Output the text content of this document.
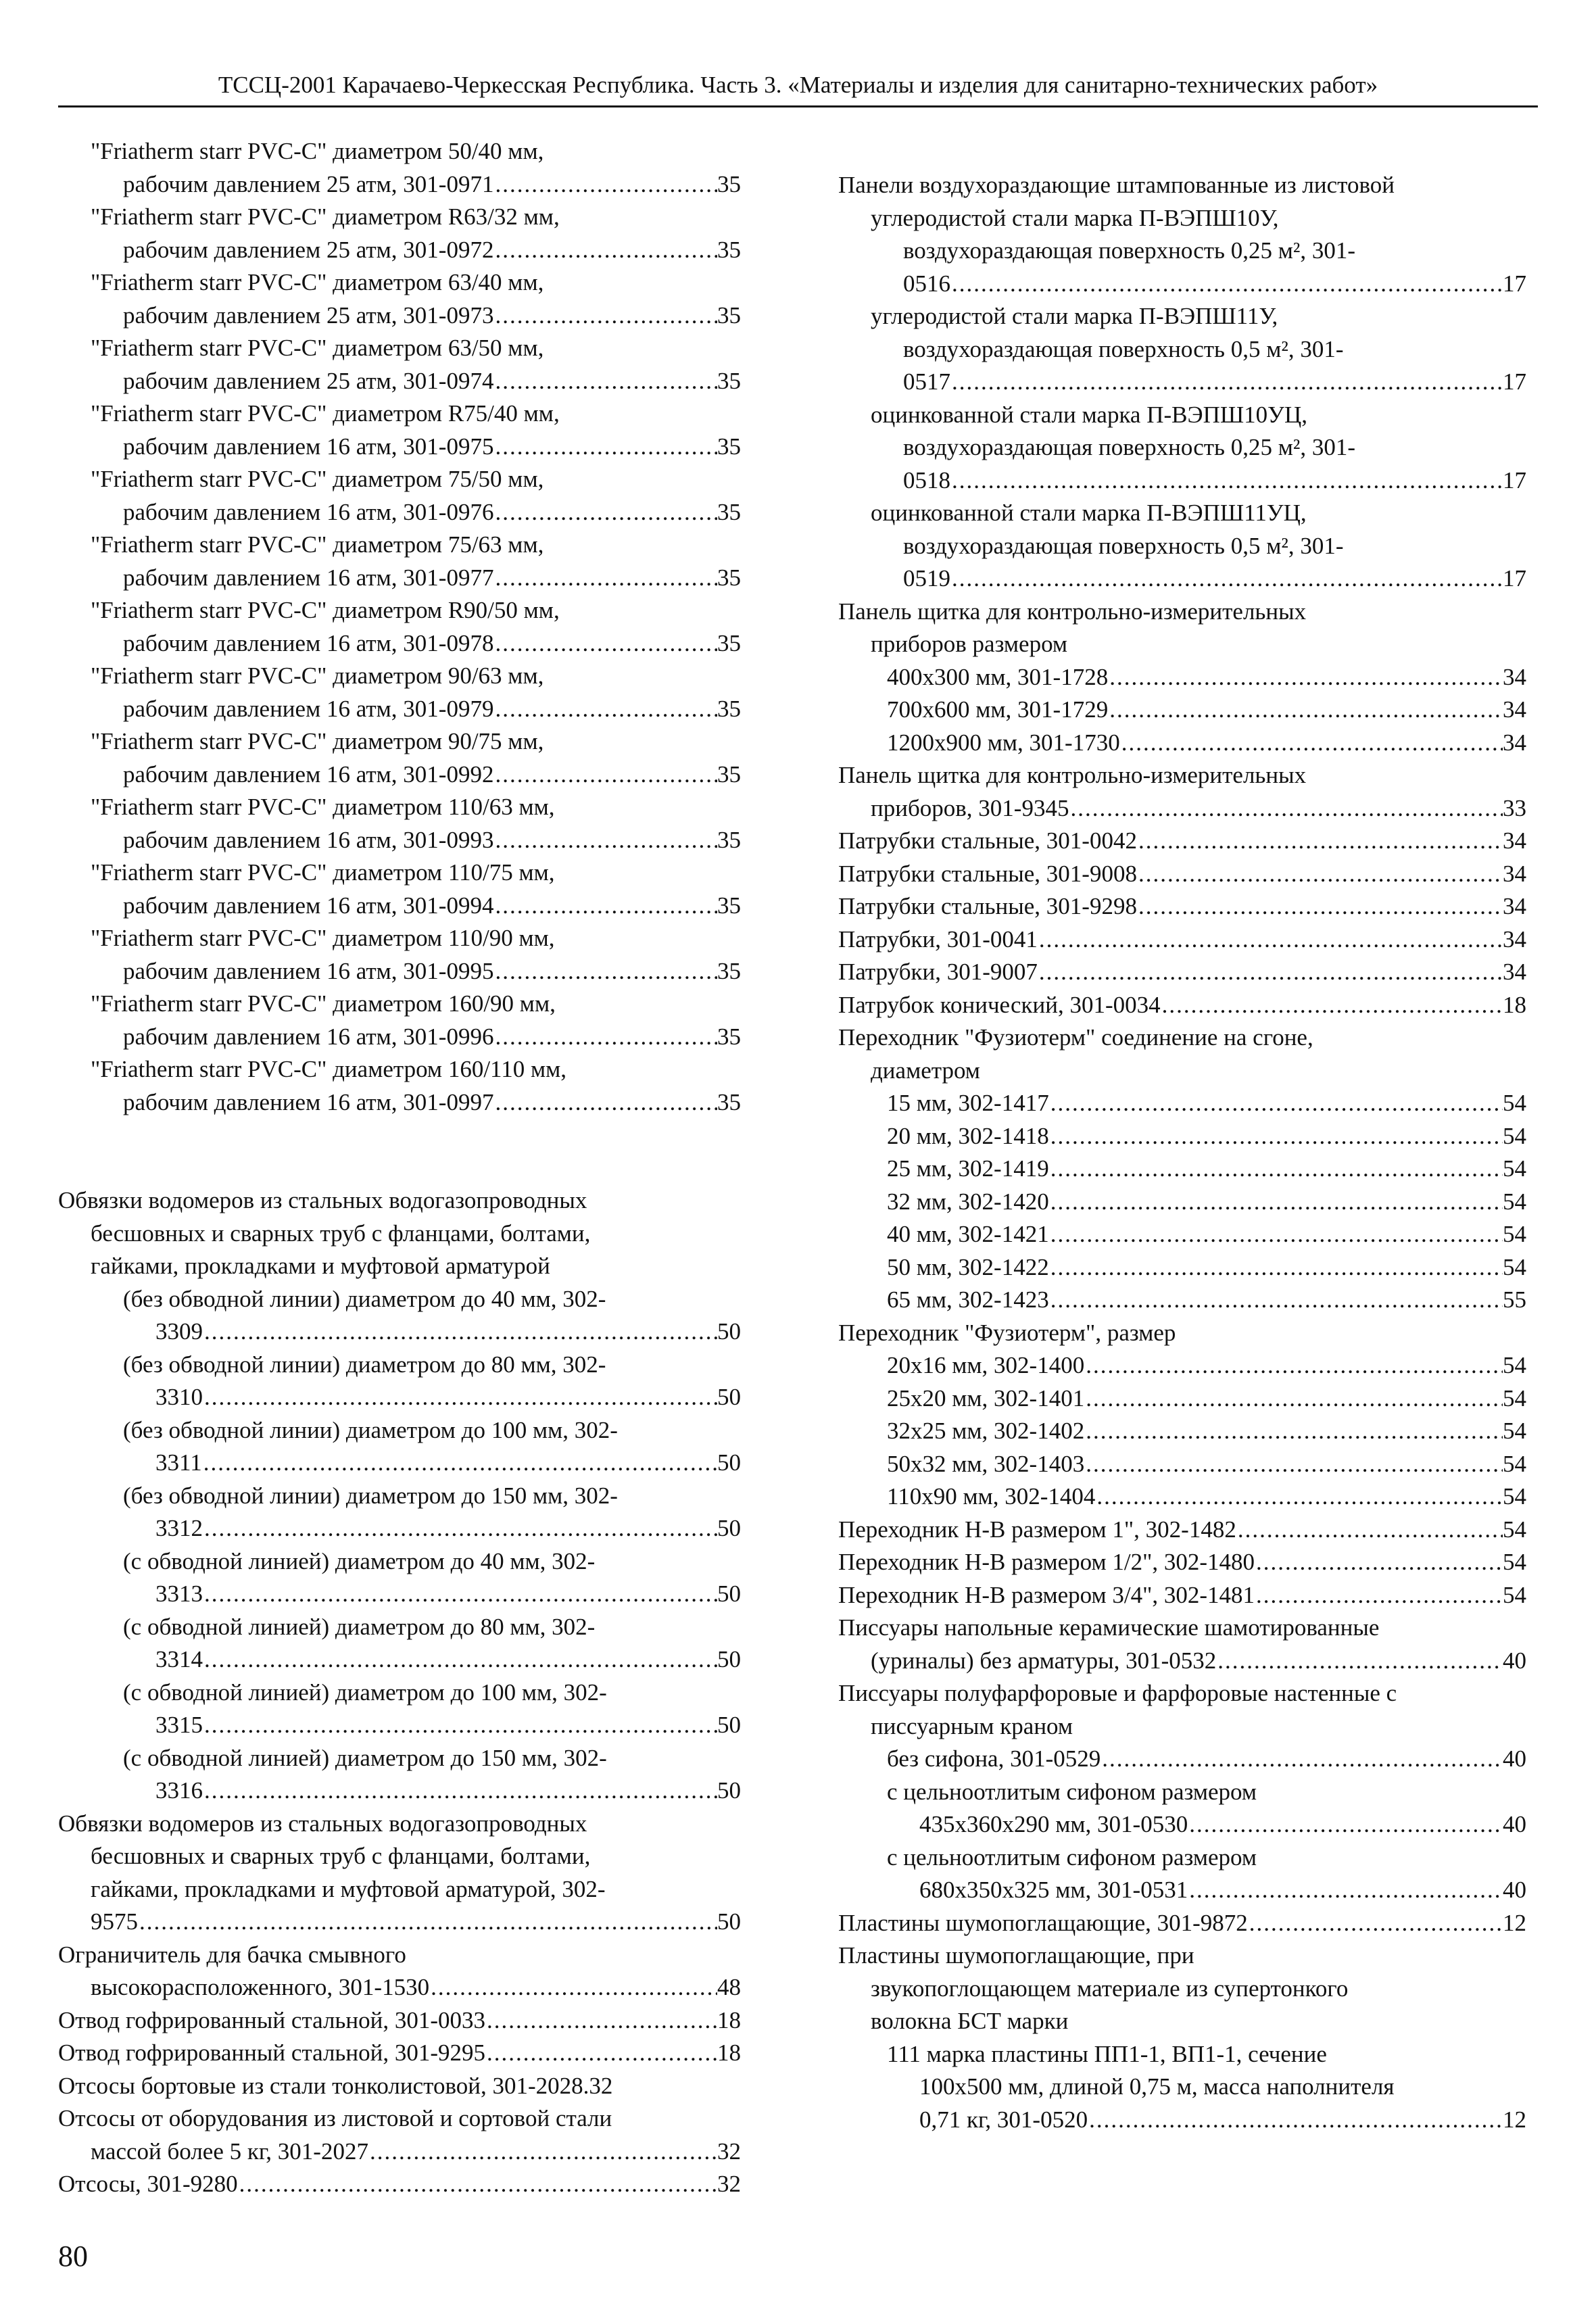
ТССЦ-2001 Карачаево-Черкесская Республика. Часть 3. «Материалы и изделия для санитарно-технических работ»
"Friatherm starr PVC-C" диаметром 50/40 мм,
рабочим давлением 25 атм, 301-0971 .....	35
"Friatherm starr PVC-C" диаметром R63/32 мм,
рабочим давлением 25 атм, 301-0972 .....	35
"Friatherm starr PVC-C" диаметром 63/40 мм,
рабочим давлением 25 атм, 301-0973 .....	35
"Friatherm starr PVC-C" диаметром 63/50 мм,
рабочим давлением 25 атм, 301-0974 .....	35
"Friatherm starr PVC-C" диаметром R75/40 мм,
рабочим давлением 16 атм, 301-0975 .....	35
"Friatherm starr PVC-C" диаметром 75/50 мм,
рабочим давлением 16 атм, 301-0976 .....	35
"Friatherm starr PVC-C" диаметром 75/63 мм,
рабочим давлением 16 атм, 301-0977 .....	35
"Friatherm starr PVC-C" диаметром R90/50 мм,
рабочим давлением 16 атм, 301-0978 .....	35
"Friatherm starr PVC-C" диаметром 90/63 мм,
рабочим давлением 16 атм, 301-0979 .....	35
"Friatherm starr PVC-C" диаметром 90/75 мм,
рабочим давлением 16 атм, 301-0992 .....	35
"Friatherm starr PVC-C" диаметром 110/63 мм,
рабочим давлением 16 атм, 301-0993 .....	35
"Friatherm starr PVC-C" диаметром 110/75 мм,
рабочим давлением 16 атм, 301-0994 .....	35
"Friatherm starr PVC-C" диаметром 110/90 мм,
рабочим давлением 16 атм, 301-0995 .....	35
"Friatherm starr PVC-C" диаметром 160/90 мм,
рабочим давлением 16 атм, 301-0996 .....	35
"Friatherm starr PVC-C" диаметром 160/110 мм,
рабочим давлением 16 атм, 301-0997 .....	35
Обвязки водомеров из стальных водогазопроводных
бесшовных и сварных труб с фланцами, болтами,
гайками, прокладками и муфтовой арматурой
(без обводной линии) диаметром до 40 мм, 302-
3309 .....	50
(без обводной линии) диаметром до 80 мм, 302-
3310 .....	50
(без обводной линии) диаметром до 100 мм, 302-
3311 .....	50
(без обводной линии) диаметром до 150 мм, 302-
3312 .....	50
(с обводной линией) диаметром до 40 мм, 302-
3313 .....	50
(с обводной линией) диаметром до 80 мм, 302-
3314 .....	50
(с обводной линией) диаметром до 100 мм, 302-
3315 .....	50
(с обводной линией) диаметром до 150 мм, 302-
3316 .....	50
Обвязки водомеров из стальных водогазопроводных
бесшовных и сварных труб с фланцами, болтами,
гайками, прокладками и муфтовой арматурой, 302-
9575 .....	50
Ограничитель для бачка смывного
высокорасположенного, 301-1530 .....	48
Отвод гофрированный стальной, 301-0033 .....	18
Отвод гофрированный стальной, 301-9295 .....	18
Отсосы бортовые из стали тонколистовой, 301-2028.32
Отсосы от оборудования из листовой и сортовой стали
массой более 5 кг, 301-2027 .....	32
Отсосы, 301-9280 .....	32
Панели воздухораздающие штампованные из листовой
углеродистой стали марка П-ВЭПШ10У,
воздухораздающая поверхность 0,25 м², 301-
0516 .....	17
углеродистой стали марка П-ВЭПШ11У,
воздухораздающая поверхность 0,5 м², 301-
0517 .....	17
оцинкованной стали марка П-ВЭПШ10УЦ,
воздухораздающая поверхность 0,25 м², 301-
0518 .....	17
оцинкованной стали марка П-ВЭПШ11УЦ,
воздухораздающая поверхность 0,5 м², 301-
0519 .....	17
Панель щитка для контрольно-измерительных
приборов размером
400x300 мм, 301-1728 .....	34
700x600 мм, 301-1729 .....	34
1200x900 мм, 301-1730 .....	34
Панель щитка для контрольно-измерительных
приборов, 301-9345 .....	33
Патрубки стальные, 301-0042 .....	34
Патрубки стальные, 301-9008 .....	34
Патрубки стальные, 301-9298 .....	34
Патрубки, 301-0041 .....	34
Патрубки, 301-9007 .....	34
Патрубок конический, 301-0034 .....	18
Переходник "Фузиотерм" соединение на сгоне,
диаметром
15 мм, 302-1417 .....	54
20 мм, 302-1418 .....	54
25 мм, 302-1419 .....	54
32 мм, 302-1420 .....	54
40 мм, 302-1421 .....	54
50 мм, 302-1422 .....	54
65 мм, 302-1423 .....	55
Переходник "Фузиотерм", размер
20x16 мм, 302-1400 .....	54
25x20 мм, 302-1401 .....	54
32x25 мм, 302-1402 .....	54
50x32 мм, 302-1403 .....	54
110x90 мм, 302-1404 .....	54
Переходник Н-В размером 1", 302-1482 .....	54
Переходник Н-В размером 1/2", 302-1480 .....	54
Переходник Н-В размером 3/4", 302-1481 .....	54
Писсуары напольные керамические шамотированные
(уриналы) без арматуры, 301-0532 .....	40
Писсуары полуфарфоровые и фарфоровые настенные с
писсуарным краном
без сифона, 301-0529 .....	40
с цельноотлитым сифоном размером
435x360x290 мм, 301-0530 .....	40
с цельноотлитым сифоном размером
680x350x325 мм, 301-0531 .....	40
Пластины шумопоглащающие, 301-9872 .....	12
Пластины шумопоглащающие, при
звукопоглощающем материале из супертонкого
волокна БСТ марки
111 марка пластины ПП1-1, ВП1-1, сечение
100x500 мм, длиной 0,75 м, масса наполнителя
0,71 кг, 301-0520 .....	12
80
